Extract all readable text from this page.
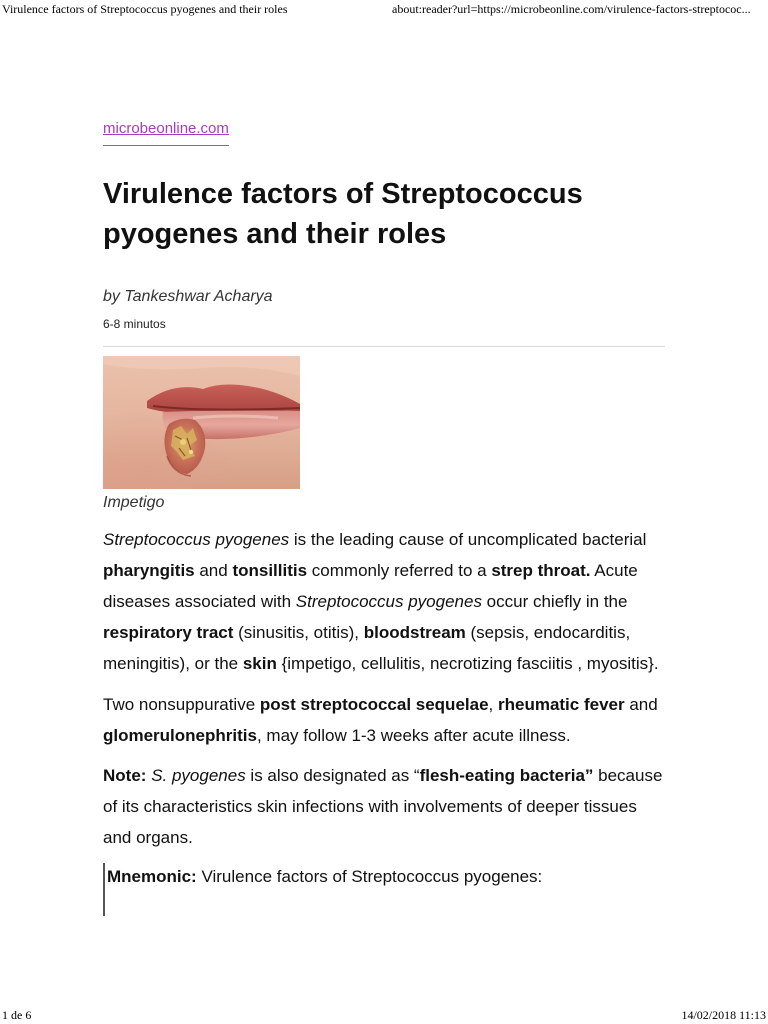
Virulence factors of Streptococcus pyogenes and their roles	about:reader?url=https://microbeonline.com/virulence-factors-streptococ...
microbeonline.com
Virulence factors of Streptococcus pyogenes and their roles
by Tankeshwar Acharya
6-8 minutos
Impetigo

Streptococcus pyogenes is the leading cause of uncomplicated bacterial pharyngitis and tonsillitis commonly referred to a strep throat. Acute diseases associated with Streptococcus pyogenes occur chiefly in the respiratory tract (sinusitis, otitis), bloodstream (sepsis, endocarditis, meningitis), or the skin {impetigo, cellulitis, necrotizing fasciitis , myositis}.

Two nonsuppurative post streptococcal sequelae, rheumatic fever and glomerulonephritis, may follow 1-3 weeks after acute illness.

Note: S. pyogenes is also designated as “flesh-eating bacteria” because of its characteristics skin infections with involvements of deeper tissues and organs.

Mnemonic: Virulence factors of Streptococcus pyogenes:
1 de 6	14/02/2018 11:13
